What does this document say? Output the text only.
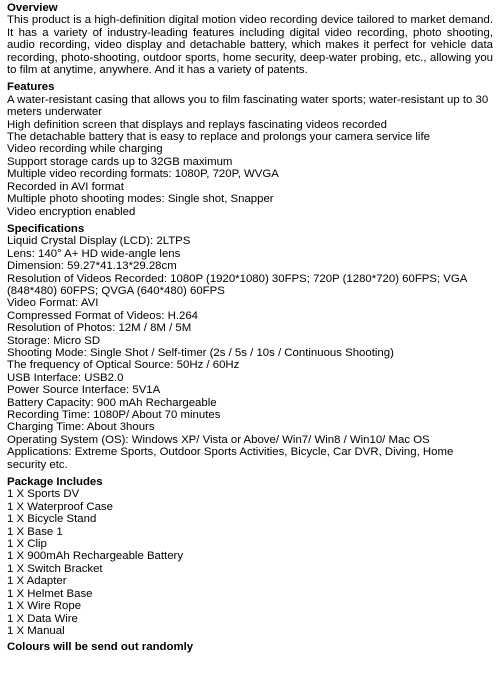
Overview
This product is a high-definition digital motion video recording device tailored to market demand. It has a variety of industry-leading features including digital video recording, photo shooting, audio recording, video display and detachable battery, which makes it perfect for vehicle data recording, photo-shooting, outdoor sports, home security, deep-water probing, etc., allowing you to film at anytime, anywhere. And it has a variety of patents.
Features
A water-resistant casing that allows you to film fascinating water sports; water-resistant up to 30 meters underwater
High definition screen that displays and replays fascinating videos recorded
The detachable battery that is easy to replace and prolongs your camera service life
Video recording while charging
Support storage cards up to 32GB maximum
Multiple video recording formats: 1080P, 720P, WVGA
Recorded in AVI format
Multiple photo shooting modes: Single shot, Snapper
Video encryption enabled
Specifications
Liquid Crystal Display (LCD): 2LTPS
Lens: 140° A+ HD wide-angle lens
Dimension: 59.27*41.13*29.28cm
Resolution of Videos Recorded: 1080P (1920*1080) 30FPS; 720P (1280*720) 60FPS; VGA (848*480) 60FPS; QVGA (640*480) 60FPS
Video Format: AVI
Compressed Format of Videos: H.264
Resolution of Photos: 12M / 8M / 5M
Storage: Micro SD
Shooting Mode: Single Shot / Self-timer (2s / 5s / 10s / Continuous Shooting)
The frequency of Optical Source: 50Hz / 60Hz
USB Interface: USB2.0
Power Source Interface: 5V1A
Battery Capacity: 900 mAh Rechargeable
Recording Time: 1080P/ About 70 minutes
Charging Time: About 3hours
Operating System (OS): Windows XP/ Vista or Above/ Win7/ Win8 / Win10/ Mac OS
Applications: Extreme Sports, Outdoor Sports Activities, Bicycle, Car DVR, Diving, Home security etc.
Package Includes
1 X Sports DV
1 X Waterproof Case
1 X Bicycle Stand
1 X Base 1
1 X Clip
1 X 900mAh Rechargeable Battery
1 X Switch Bracket
1 X Adapter
1 X Helmet Base
1 X Wire Rope
1 X Data Wire
1 X Manual
Colours will be send out randomly
